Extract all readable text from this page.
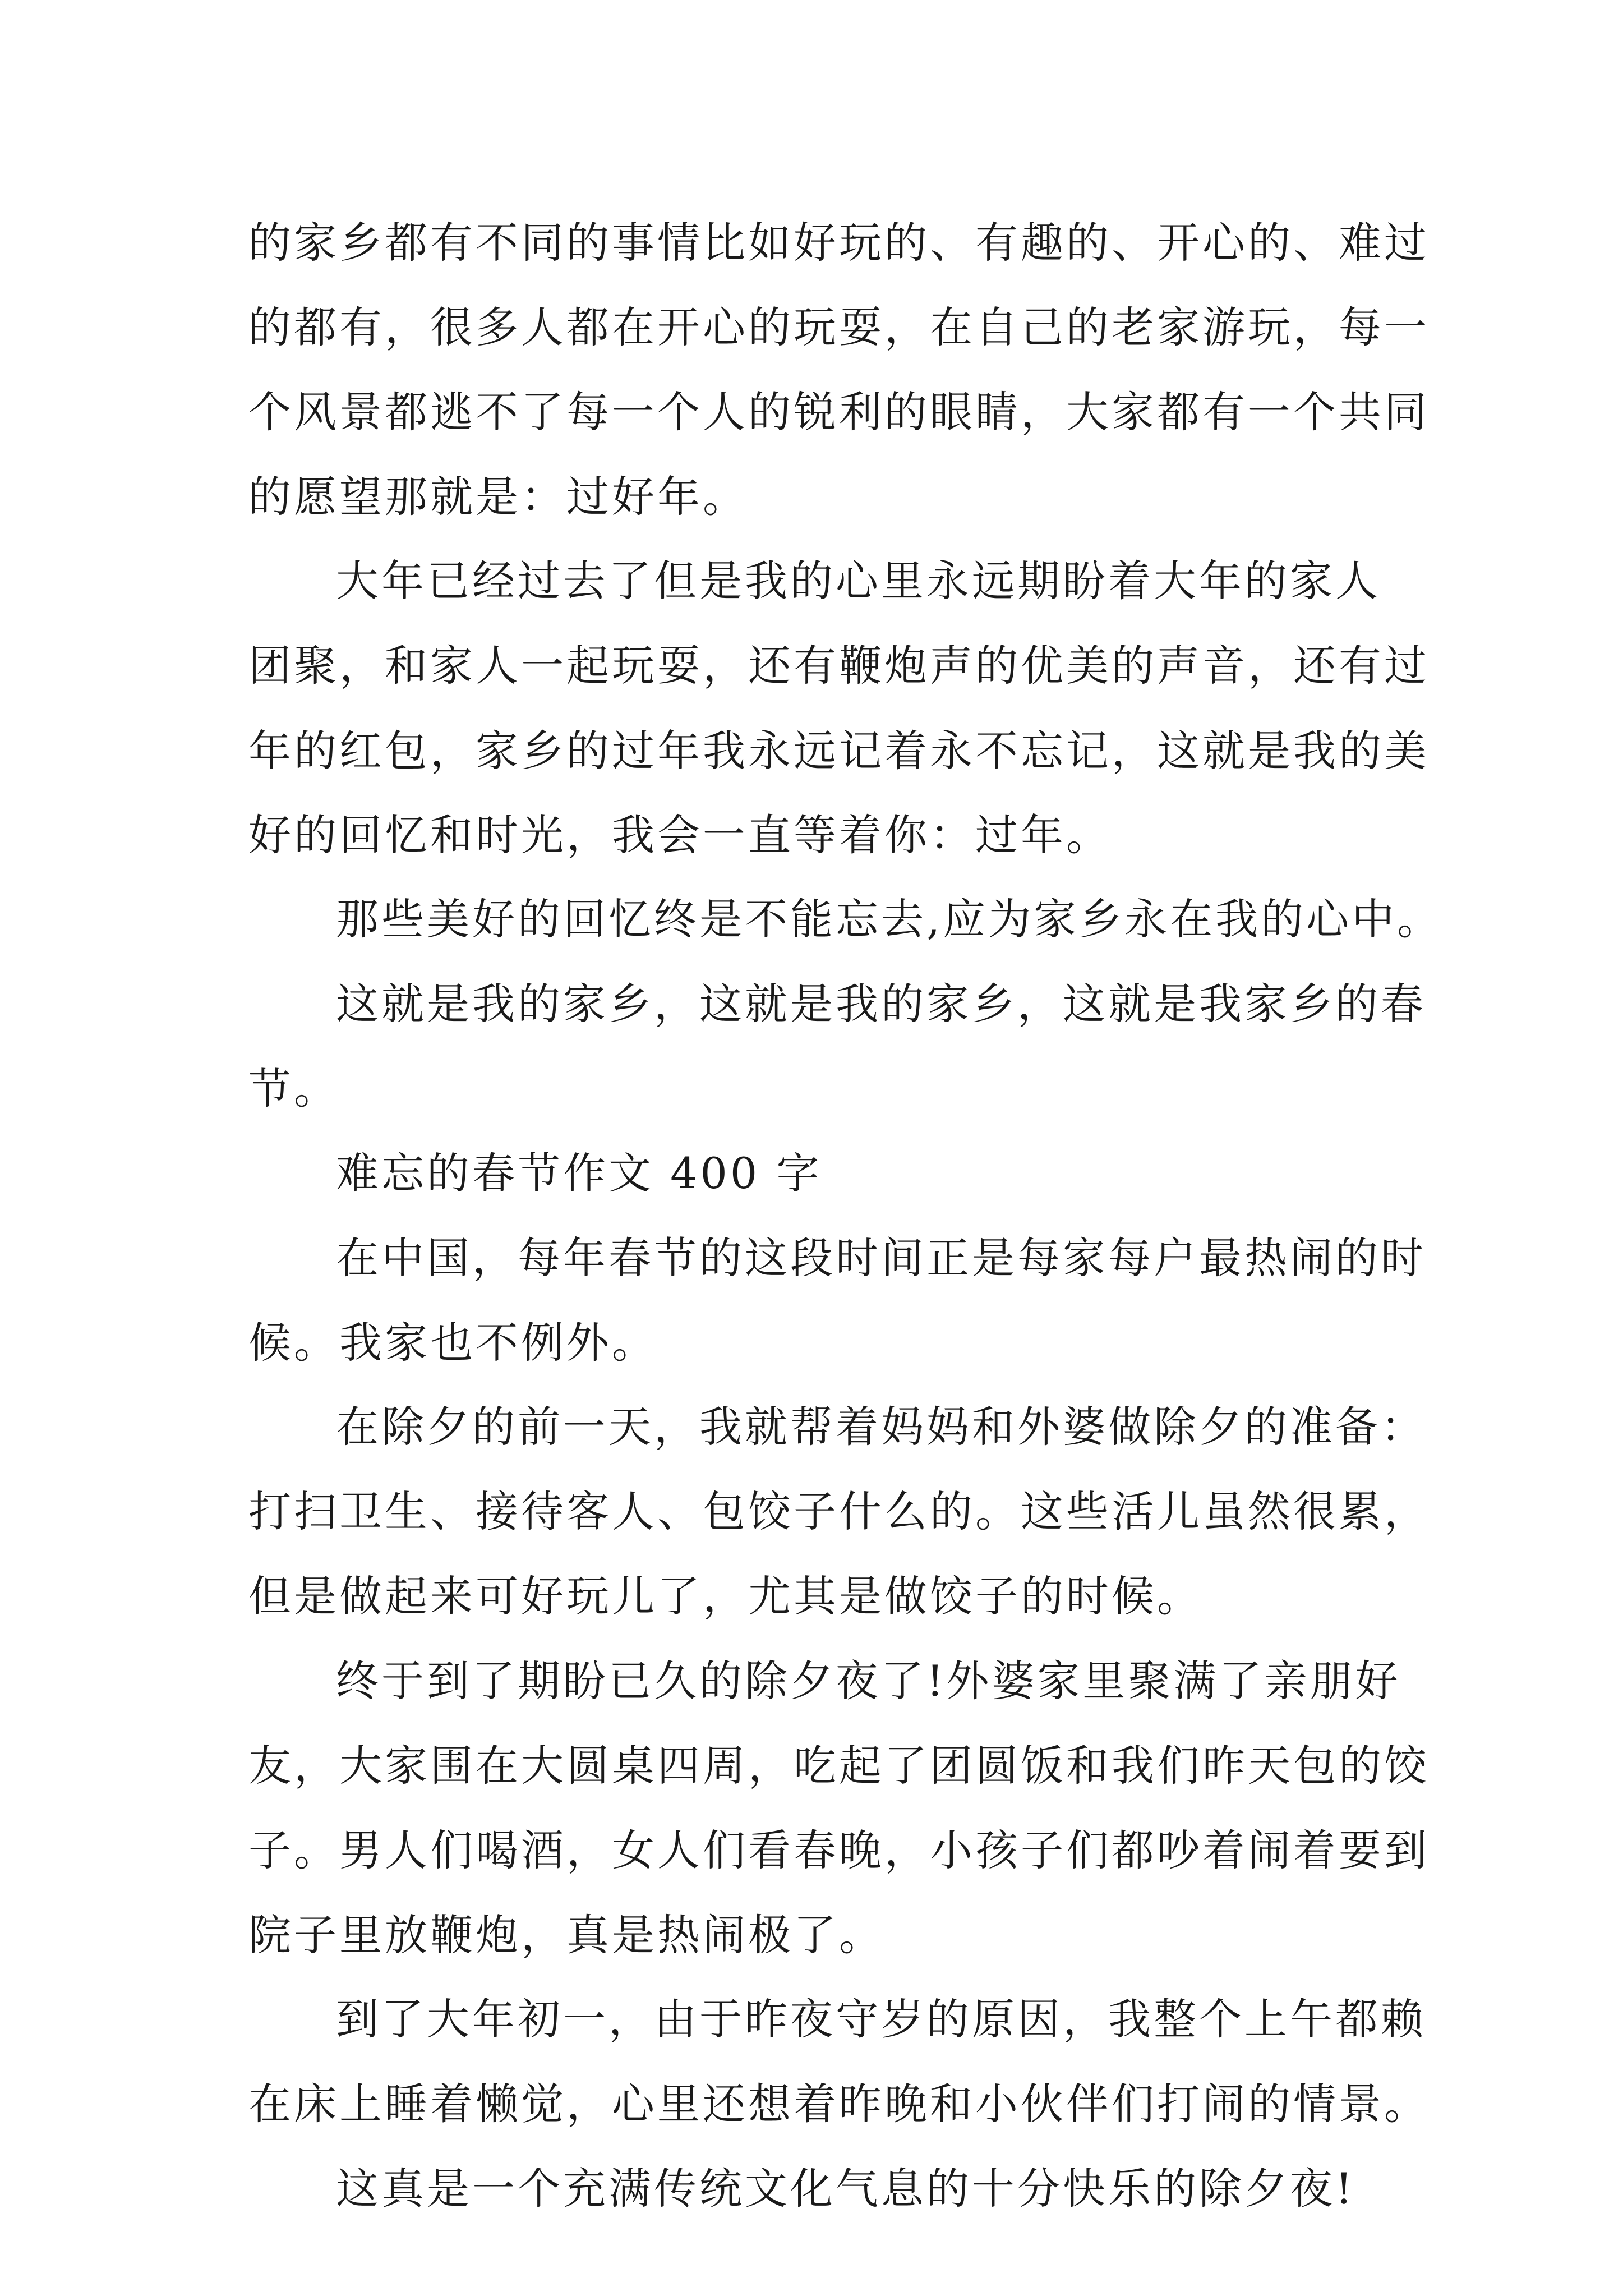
的家乡都有不同的事情比如好玩的、有趣的、开心的、难过
的都有，很多人都在开心的玩耍，在自己的老家游玩，每一
个风景都逃不了每一个人的锐利的眼睛，大家都有一个共同
的愿望那就是：过好年。
大年已经过去了但是我的心里永远期盼着大年的家人
团聚，和家人一起玩耍，还有鞭炮声的优美的声音，还有过
年的红包，家乡的过年我永远记着永不忘记，这就是我的美
好的回忆和时光，我会一直等着你：过年。
那些美好的回忆终是不能忘去,应为家乡永在我的心中。
这就是我的家乡，这就是我的家乡，这就是我家乡的春
节。
难忘的春节作文 400 字
在中国，每年春节的这段时间正是每家每户最热闹的时
候。我家也不例外。
在除夕的前一天，我就帮着妈妈和外婆做除夕的准备：
打扫卫生、接待客人、包饺子什么的。这些活儿虽然很累，
但是做起来可好玩儿了，尤其是做饺子的时候。
终于到了期盼已久的除夕夜了!外婆家里聚满了亲朋好
友，大家围在大圆桌四周，吃起了团圆饭和我们昨天包的饺
子。男人们喝酒，女人们看春晚，小孩子们都吵着闹着要到
院子里放鞭炮，真是热闹极了。
到了大年初一，由于昨夜守岁的原因，我整个上午都赖
在床上睡着懒觉，心里还想着昨晚和小伙伴们打闹的情景。
这真是一个充满传统文化气息的十分快乐的除夕夜!
